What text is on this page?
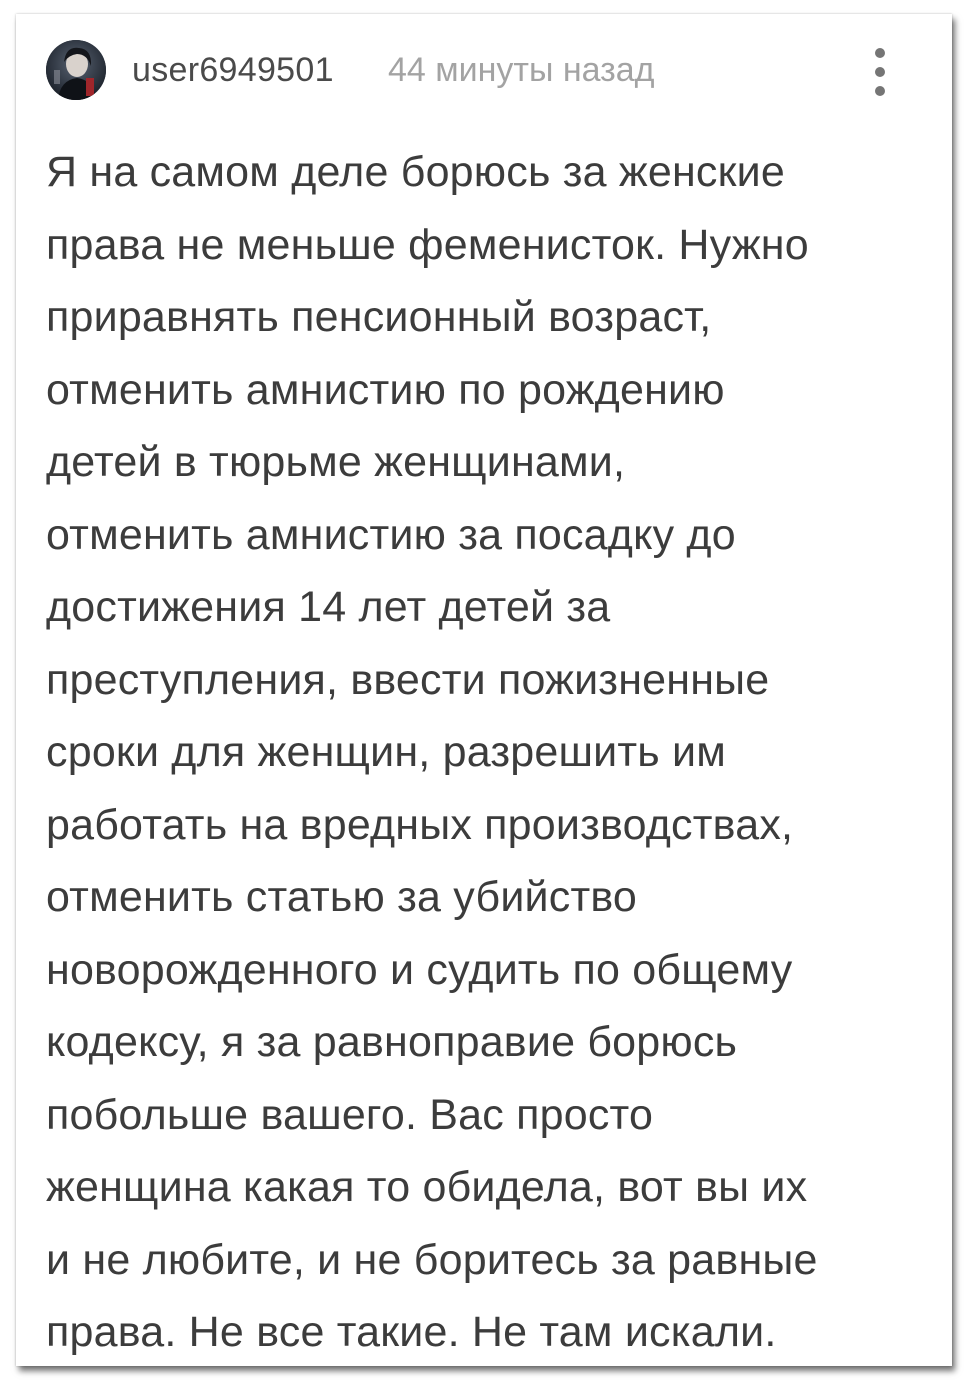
user6949501 44 минуты назад
Я на самом деле борюсь за женские
права не меньше феменисток. Нужно
приравнять пенсионный возраст,
отменить амнистию по рождению
детей в тюрьме женщинами,
отменить амнистию за посадку до
достижения 14 лет детей за
преступления, ввести пожизненные
сроки для женщин, разрешить им
работать на вредных производствах,
отменить статью за убийство
новорожденного и судить по общему
кодексу, я за равноправие борюсь
побольше вашего. Вас просто
женщина какая то обидела, вот вы их
и не любите, и не боритесь за равные
права. Не все такие. Не там искали.
